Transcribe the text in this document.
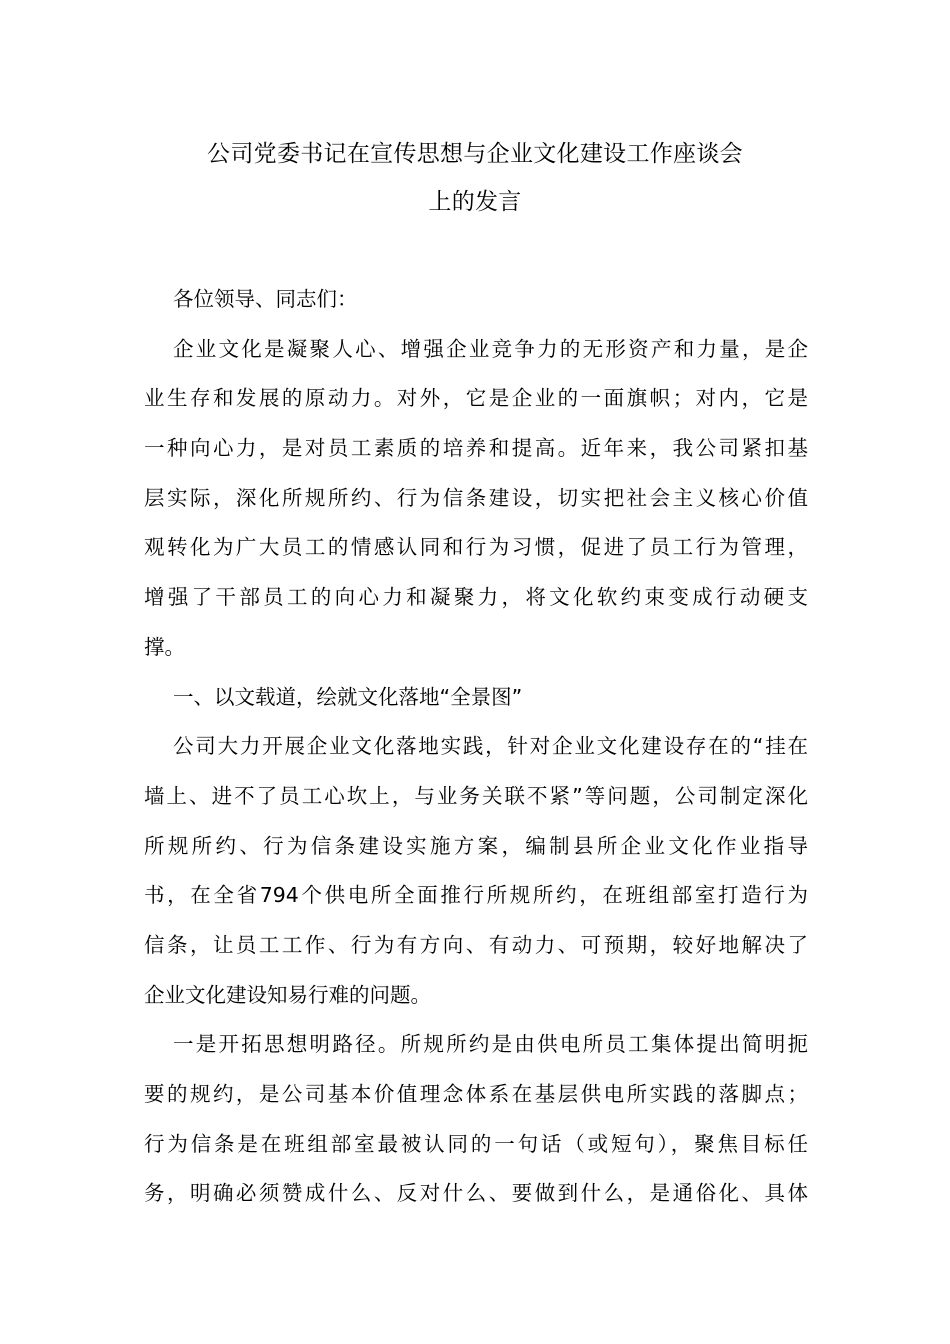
公司党委书记在宣传思想与企业文化建设工作座谈会
上的发言
各位领导、同志们：
企业文化是凝聚人心、增强企业竞争力的无形资产和力量，是企
业生存和发展的原动力。对外，它是企业的一面旗帜；对内，它是
一种向心力，是对员工素质的培养和提高。近年来，我公司紧扣基
层实际，深化所规所约、行为信条建设，切实把社会主义核心价值
观转化为广大员工的情感认同和行为习惯，促进了员工行为管理，
增强了干部员工的向心力和凝聚力，将文化软约束变成行动硬支
撑。
一、以文载道，绘就文化落地“全景图”
公司大力开展企业文化落地实践，针对企业文化建设存在的“挂在
墙上、进不了员工心坎上，与业务关联不紧”等问题，公司制定深化
所规所约、行为信条建设实施方案，编制县所企业文化作业指导
书，在全省794个供电所全面推行所规所约，在班组部室打造行为
信条，让员工工作、行为有方向、有动力、可预期，较好地解决了
企业文化建设知易行难的问题。
一是开拓思想明路径。所规所约是由供电所员工集体提出简明扼
要的规约，是公司基本价值理念体系在基层供电所实践的落脚点；
行为信条是在班组部室最被认同的一句话（或短句），聚焦目标任
务，明确必须赞成什么、反对什么、要做到什么，是通俗化、具体
